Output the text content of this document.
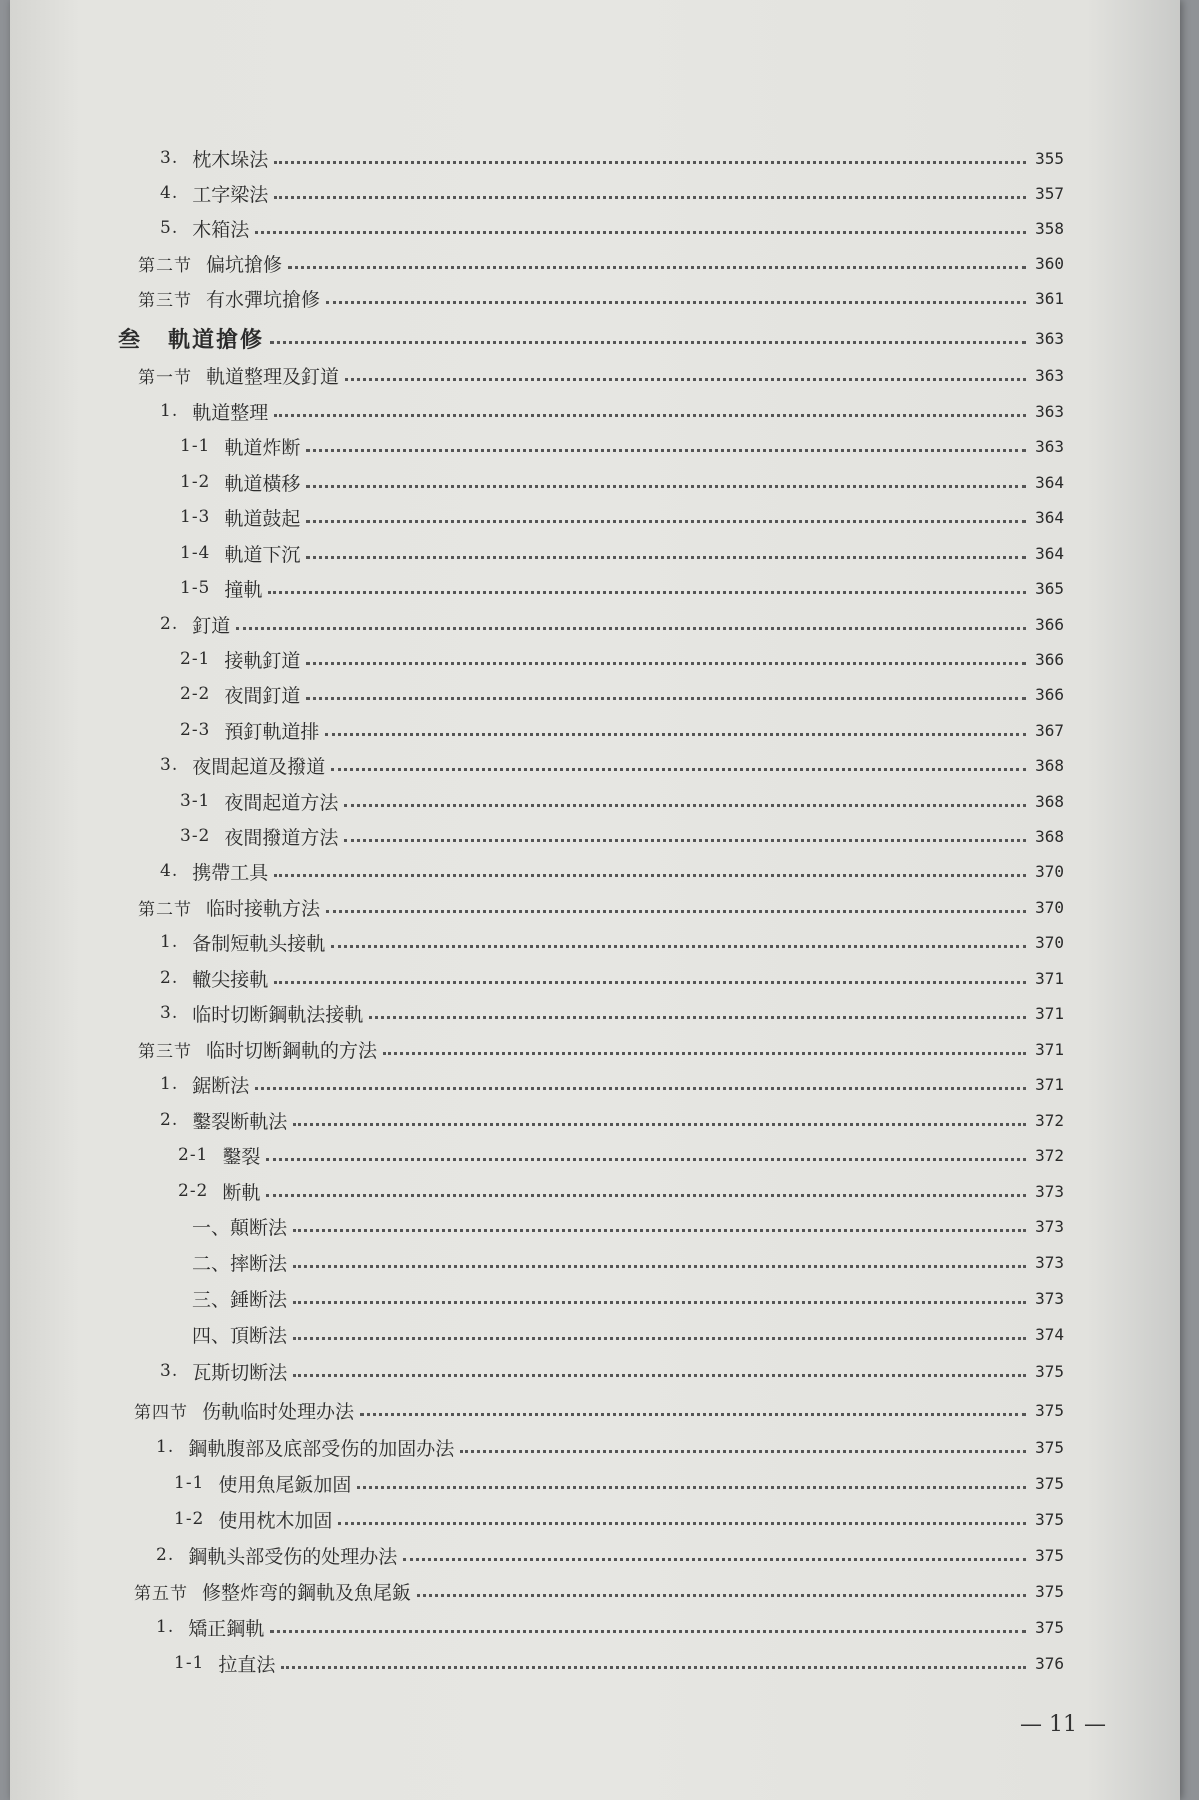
3. 枕木垛法	355
4. 工字梁法	357
5. 木箱法	358
第二节 偏坑搶修	360
第三节 有水彈坑搶修	361
叁 軌道搶修	363
第一节 軌道整理及釘道	363
1. 軌道整理	363
1-1 軌道炸断	363
1-2 軌道橫移	364
1-3 軌道鼓起	364
1-4 軌道下沉	364
1-5 撞軌	365
2. 釘道	366
2-1 接軌釘道	366
2-2 夜間釘道	366
2-3 預釘軌道排	367
3. 夜間起道及撥道	368
3-1 夜間起道方法	368
3-2 夜間撥道方法	368
4. 携帶工具	370
第二节 临时接軌方法	370
1. 备制短軌头接軌	370
2. 轍尖接軌	371
3. 临时切断鋼軌法接軌	371
第三节 临时切断鋼軌的方法	371
1. 鋸断法	371
2. 鑿裂断軌法	372
2-1 鑿裂	372
2-2 断軌	373
一、顛断法	373
二、摔断法	373
三、錘断法	373
四、頂断法	374
3. 瓦斯切断法	375
第四节 伤軌临时处理办法	375
1. 鋼軌腹部及底部受伤的加固办法	375
1-1 使用魚尾鈑加固	375
1-2 使用枕木加固	375
2. 鋼軌头部受伤的处理办法	375
第五节 修整炸弯的鋼軌及魚尾鈑	375
1. 矯正鋼軌	375
1-1 拉直法	376
— 11 —
